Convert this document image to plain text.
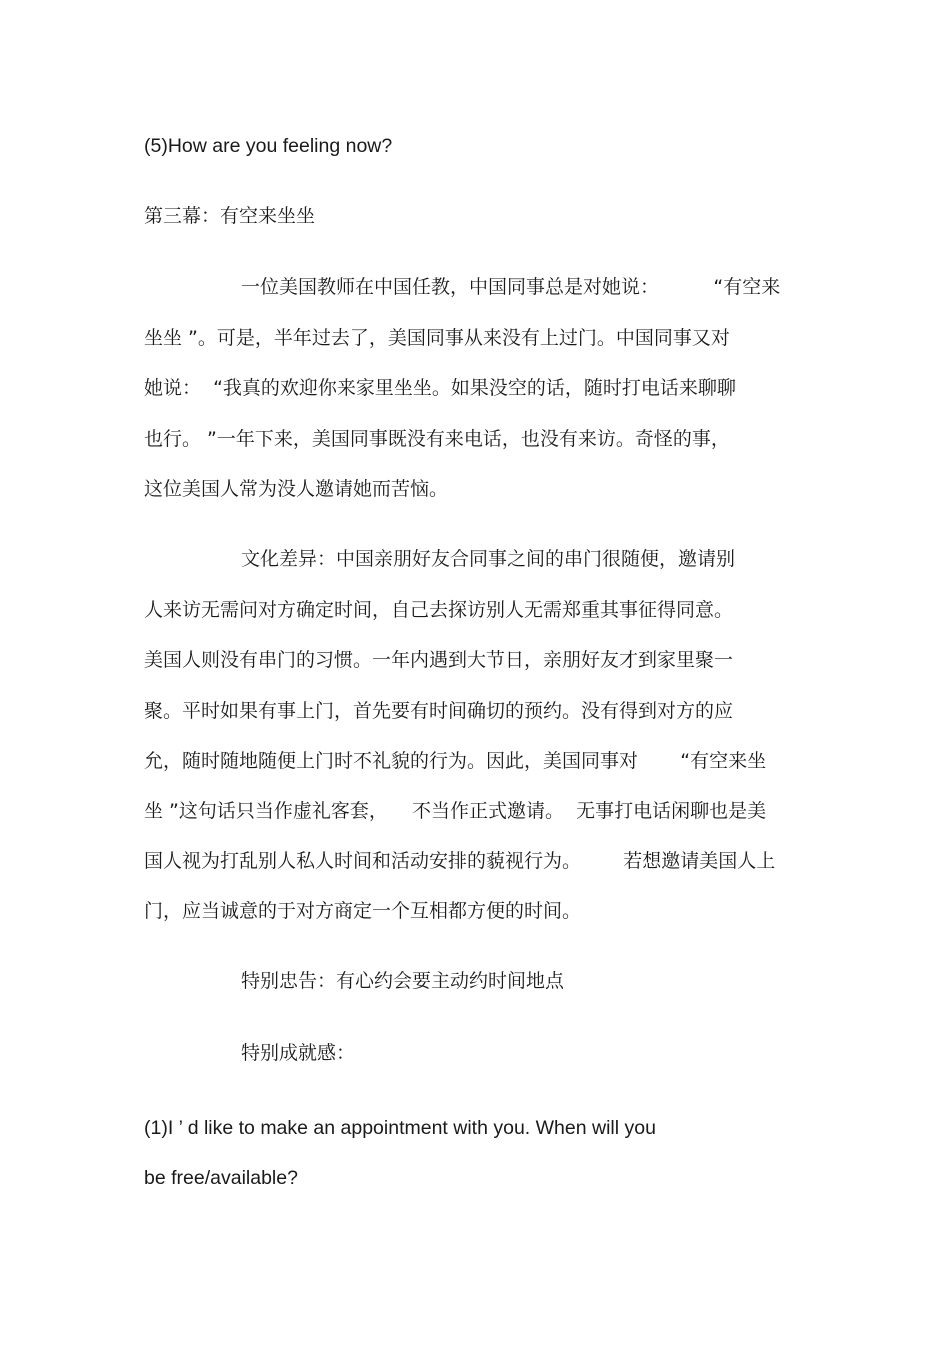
(5)How are you feeling now?
第三幕：有空来坐坐
一位美国教师在中国任教，中国同事总是对她说：         “有空来
坐坐 ”。可是，半年过去了，美国同事从来没有上过门。中国同事又对
她说：  “我真的欢迎你来家里坐坐。如果没空的话，随时打电话来聊聊
也行。 ”一年下来，美国同事既没有来电话，也没有来访。奇怪的事，
这位美国人常为没人邀请她而苦恼。
文化差异：中国亲朋好友合同事之间的串门很随便，邀请别
人来访无需问对方确定时间，自己去探访别人无需郑重其事征得同意。
美国人则没有串门的习惯。一年内遇到大节日，亲朋好友才到家里聚一
聚。平时如果有事上门，首先要有时间确切的预约。没有得到对方的应
允，随时随地随便上门时不礼貌的行为。因此，美国同事对       “有空来坐
坐 ”这句话只当作虚礼客套，    不当作正式邀请。  无事打电话闲聊也是美
国人视为打乱别人私人时间和活动安排的藐视行为。       若想邀请美国人上
门，应当诚意的于对方商定一个互相都方便的时间。
特别忠告：有心约会要主动约时间地点
特别成就感：
(1)I ’ d like to make an appointment with you. When will you
be free/available?
